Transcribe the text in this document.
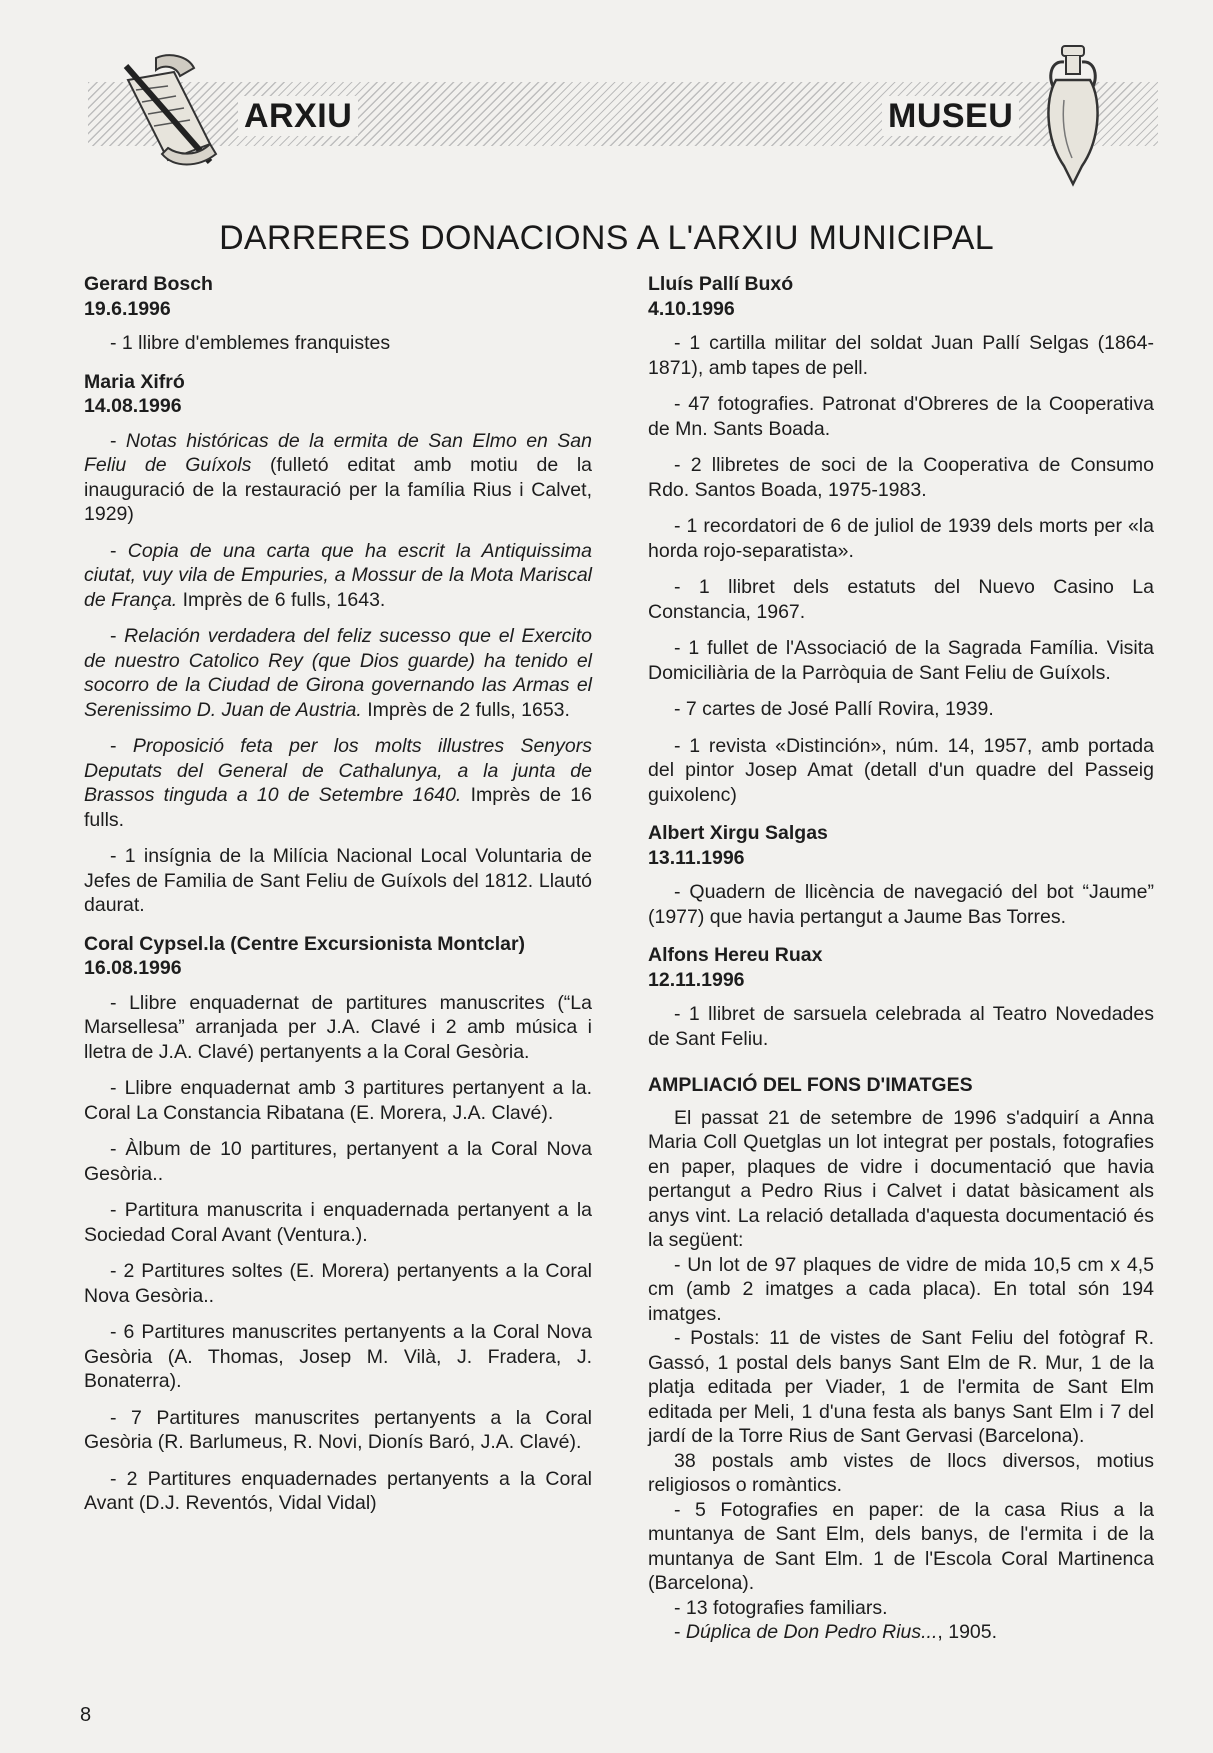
ARXIU	MUSEU
DARRERES DONACIONS A L'ARXIU MUNICIPAL
Gerard Bosch
19.6.1996

- 1 llibre d'emblemes franquistes

Maria Xifró
14.08.1996

- Notas históricas de la ermita de San Elmo en San Feliu de Guíxols (fulletó editat amb motiu de la inauguració de la restauració per la família Rius i Calvet, 1929)

- Copia de una carta que ha escrit la Antiquissima ciutat, vuy vila de Empuries, a Mossur de la Mota Mariscal de França. Imprès de 6 fulls, 1643.

- Relación verdadera del feliz sucesso que el Exercito de nuestro Catolico Rey (que Dios guarde) ha tenido el socorro de la Ciudad de Girona governando las Armas el Serenissimo D. Juan de Austria. Imprès de 2 fulls, 1653.

- Proposició feta per los molts illustres Senyors Deputats del General de Cathalunya, a la junta de Brassos tinguda a 10 de Setembre 1640. Imprès de 16 fulls.

- 1 insígnia de la Milícia Nacional Local Voluntaria de Jefes de Familia de Sant Feliu de Guíxols del 1812. Llautó daurat.

Coral Cypsel.la (Centre Excursionista Montclar)
16.08.1996

- Llibre enquadernat de partitures manuscrites (“La Marsellesa” arranjada per J.A. Clavé i 2 amb música i lletra de J.A. Clavé) pertanyents a la Coral Gesòria.

- Llibre enquadernat amb 3 partitures pertanyent a la. Coral La Constancia Ribatana (E. Morera, J.A. Clavé).

- Àlbum de 10 partitures, pertanyent a la Coral Nova Gesòria..

- Partitura manuscrita i enquadernada pertanyent a la Sociedad Coral Avant (Ventura.).

- 2 Partitures soltes (E. Morera) pertanyents a la Coral Nova Gesòria..

- 6 Partitures manuscrites pertanyents a la Coral Nova Gesòria (A. Thomas, Josep M. Vilà, J. Fradera, J. Bonaterra).

- 7 Partitures manuscrites pertanyents a la Coral Gesòria (R. Barlumeus, R. Novi, Dionís Baró, J.A. Clavé).

- 2 Partitures enquadernades pertanyents a la Coral Avant (D.J. Reventós, Vidal Vidal)

Lluís Pallí Buxó
4.10.1996

- 1 cartilla militar del soldat Juan Pallí Selgas (1864-1871), amb tapes de pell.

- 47 fotografies. Patronat d'Obreres de la Cooperativa de Mn. Sants Boada.

- 2 llibretes de soci de la Cooperativa de Consumo Rdo. Santos Boada, 1975-1983.

- 1 recordatori de 6 de juliol de 1939 dels morts per «la horda rojo-separatista».

- 1 llibret dels estatuts del Nuevo Casino La Constancia, 1967.

- 1 fullet de l'Associació de la Sagrada Família. Visita Domiciliària de la Parròquia de Sant Feliu de Guíxols.

- 7 cartes de José Pallí Rovira, 1939.

- 1 revista «Distinción», núm. 14, 1957, amb portada del pintor Josep Amat (detall d'un quadre del Passeig guixolenc)

Albert Xirgu Salgas
13.11.1996

- Quadern de llicència de navegació del bot “Jaume” (1977) que havia pertangut a Jaume Bas Torres.

Alfons Hereu Ruax
12.11.1996

- 1 llibret de sarsuela celebrada al Teatro Novedades de Sant Feliu.

AMPLIACIÓ DEL FONS D'IMATGES

El passat 21 de setembre de 1996 s'adquirí a Anna Maria Coll Quetglas un lot integrat per postals, fotografies en paper, plaques de vidre i documentació que havia pertangut a Pedro Rius i Calvet i datat bàsicament als anys vint. La relació detallada d'aquesta documentació és la següent:

- Un lot de 97 plaques de vidre de mida 10,5 cm x 4,5 cm (amb 2 imatges a cada placa). En total són 194 imatges.

- Postals: 11 de vistes de Sant Feliu del fotògraf R. Gassó, 1 postal dels banys Sant Elm de R. Mur, 1 de la platja editada per Viader, 1 de l'ermita de Sant Elm editada per Meli, 1 d'una festa als banys Sant Elm i 7 del jardí de la Torre Rius de Sant Gervasi (Barcelona).

38 postals amb vistes de llocs diversos, motius religiosos o romàntics.

- 5 Fotografies en paper: de la casa Rius a la muntanya de Sant Elm, dels banys, de l'ermita i de la muntanya de Sant Elm. 1 de l'Escola Coral Martinenca (Barcelona).

- 13 fotografies familiars.

- Dúplica de Don Pedro Rius..., 1905.

8
